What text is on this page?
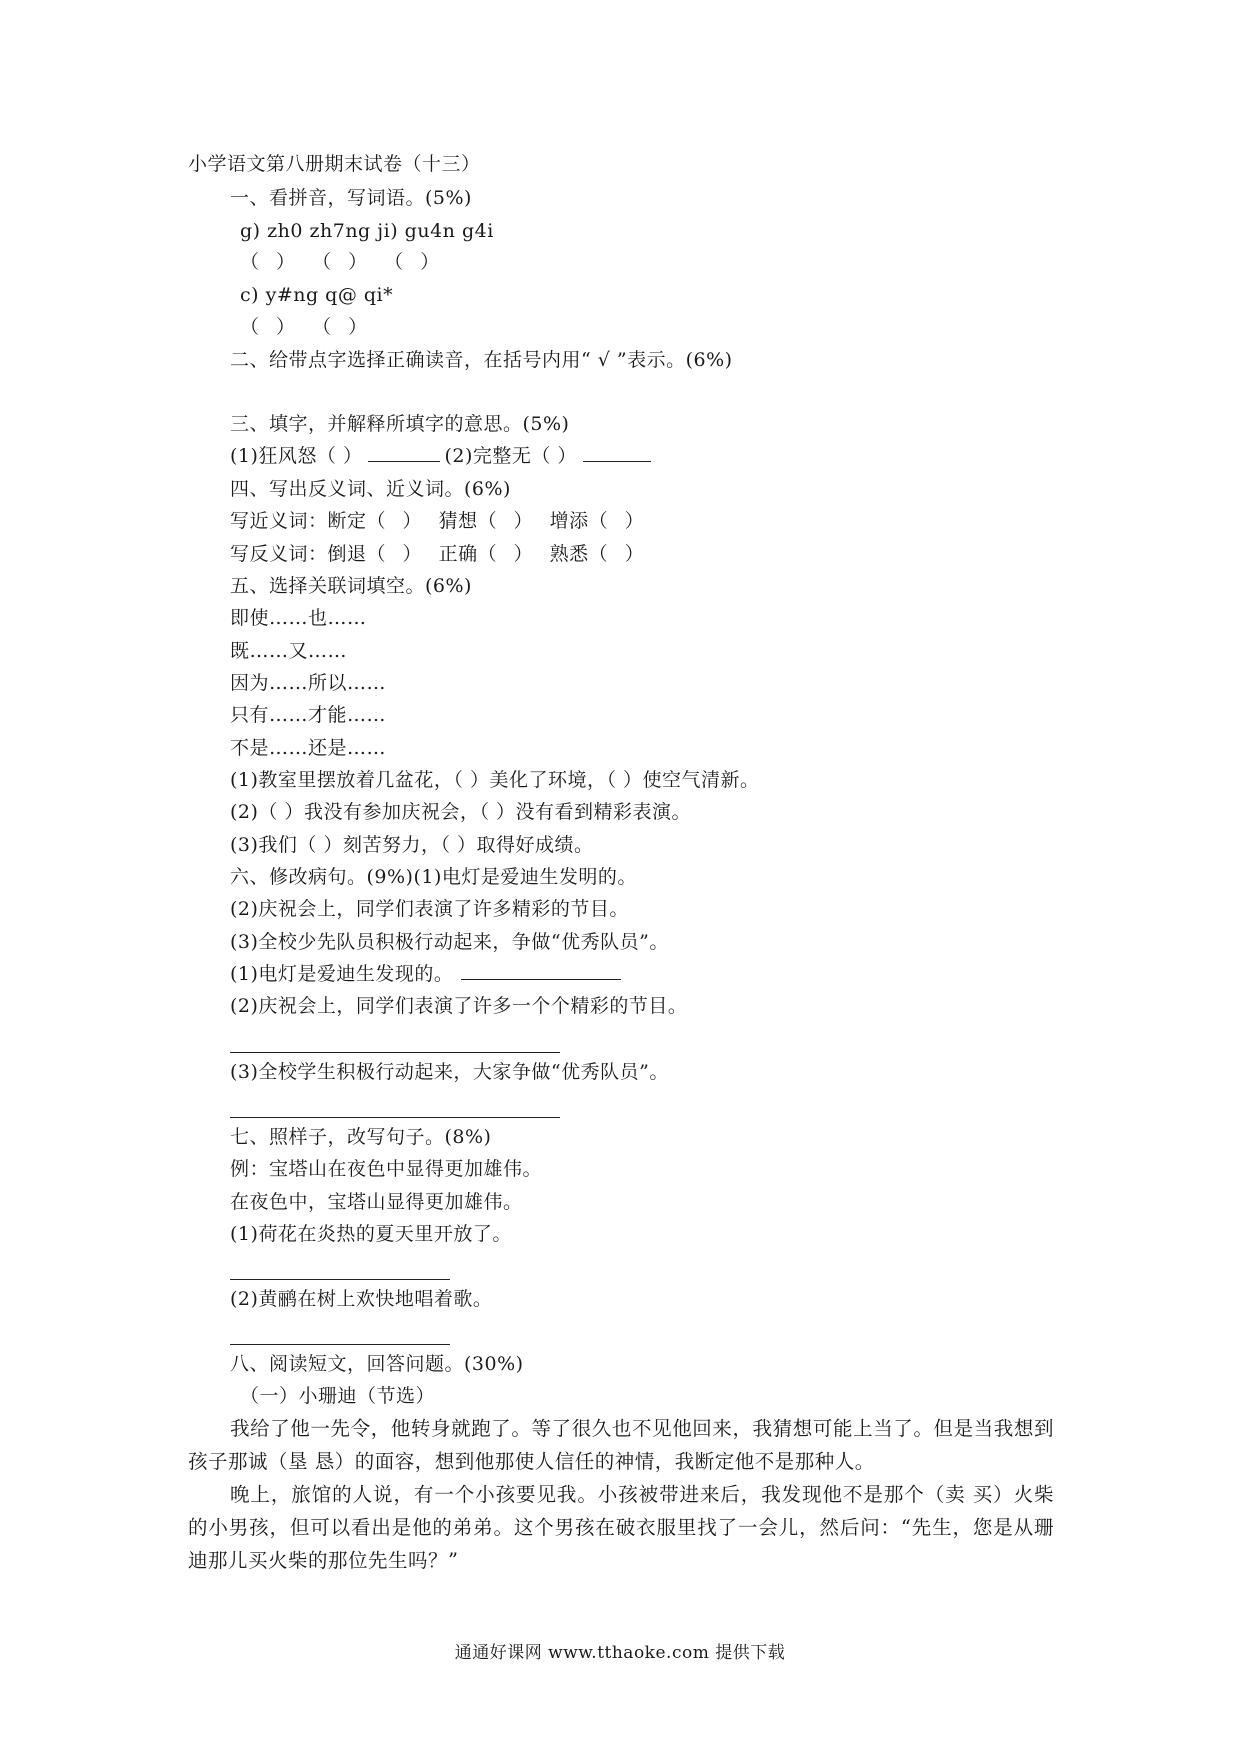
小学语文第八册期末试卷（十三）
一、看拼音，写词语。(5%)
g) zh0 zh7ng ji) gu4n g4i
（ ） （ ） （ ）
c) y#ng q@ qi*
（ ） （ ）
二、给带点字选择正确读音，在括号内用“ √ ”表示。(6%)
三、填字，并解释所填字的意思。(5%)
(1)狂风怒（ ）	(2)完整无（ ）
四、写出反义词、近义词。(6%)
写近义词：断定（ ） 猜想（ ） 增添（ ）
写反义词：倒退（ ） 正确（ ） 熟悉（ ）
五、选择关联词填空。(6%)
即使……也……
既……又……
因为……所以……
只有……才能……
不是……还是……
(1)教室里摆放着几盆花，（ ）美化了环境，（ ）使空气清新。
(2)（ ）我没有参加庆祝会，（ ）没有看到精彩表演。
(3)我们（ ）刻苦努力，（ ）取得好成绩。
六、修改病句。(9%)(1)电灯是爱迪生发明的。
(2)庆祝会上，同学们表演了许多精彩的节目。
(3)全校少先队员积极行动起来，争做“优秀队员”。
(1)电灯是爱迪生发现的。
(2)庆祝会上，同学们表演了许多一个个精彩的节目。
(3)全校学生积极行动起来，大家争做“优秀队员”。
七、照样子，改写句子。(8%)
例：宝塔山在夜色中显得更加雄伟。
在夜色中，宝塔山显得更加雄伟。
(1)荷花在炎热的夏天里开放了。
(2)黄鹂在树上欢快地唱着歌。
八、阅读短文，回答问题。(30%)
（一）小珊迪（节选）
我给了他一先令，他转身就跑了。等了很久也不见他回来，我猜想可能上当了。但是当我想到孩子那诚（垦 恳）的面容，想到他那使人信任的神情，我断定他不是那种人。
晚上，旅馆的人说，有一个小孩要见我。小孩被带进来后，我发现他不是那个（卖 买）火柴的小男孩，但可以看出是他的弟弟。这个男孩在破衣服里找了一会儿，然后问：“先生，您是从珊迪那儿买火柴的那位先生吗？”
通通好课网 www.tthaoke.com 提供下载
